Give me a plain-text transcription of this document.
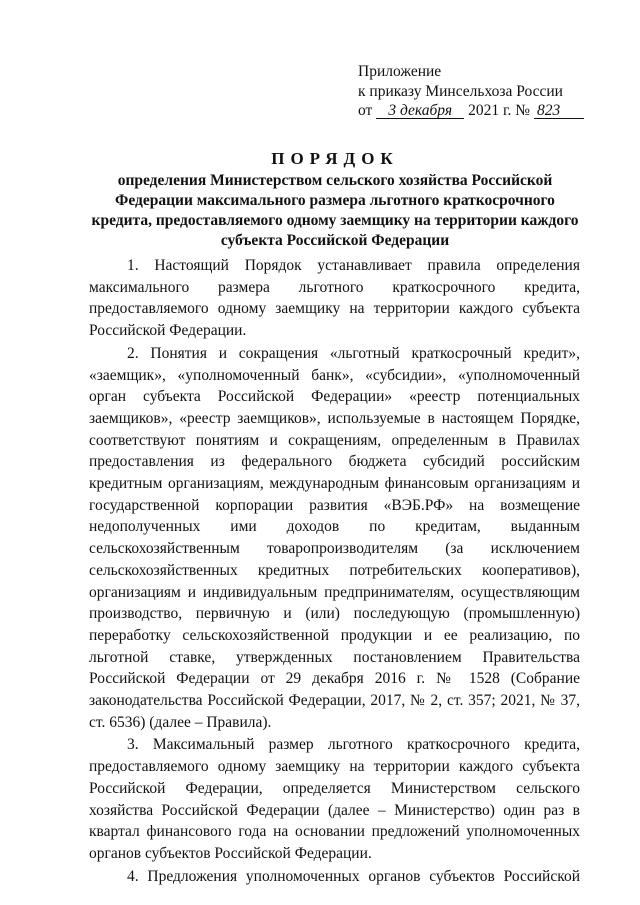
Приложение
к приказу Минсельхоза России
от 3 декабря 2021 г. № 823
ПОРЯДОК
определения Министерством сельского хозяйства Российской Федерации максимального размера льготного краткосрочного кредита, предоставляемого одному заемщику на территории каждого субъекта Российской Федерации

1. Настоящий Порядок устанавливает правила определения максимального размера льготного краткосрочного кредита, предоставляемого одному заемщику на территории каждого субъекта Российской Федерации.

2. Понятия и сокращения «льготный краткосрочный кредит», «заемщик», «уполномоченный банк», «субсидии», «уполномоченный орган субъекта Российской Федерации» «реестр потенциальных заемщиков», «реестр заемщиков», используемые в настоящем Порядке, соответствуют понятиям и сокращениям, определенным в Правилах предоставления из федерального бюджета субсидий российским кредитным организациям, международным финансовым организациям и государственной корпорации развития «ВЭБ.РФ» на возмещение недополученных ими доходов по кредитам, выданным сельскохозяйственным товаропроизводителям (за исключением сельскохозяйственных кредитных потребительских кооперативов), организациям и индивидуальным предпринимателям, осуществляющим производство, первичную и (или) последующую (промышленную) переработку сельскохозяйственной продукции и ее реализацию, по льготной ставке, утвержденных постановлением Правительства Российской Федерации от 29 декабря 2016 г. № 1528 (Собрание законодательства Российской Федерации, 2017, № 2, ст. 357; 2021, № 37, ст. 6536) (далее – Правила).

3. Максимальный размер льготного краткосрочного кредита, предоставляемого одному заемщику на территории каждого субъекта Российской Федерации, определяется Министерством сельского хозяйства Российской Федерации (далее – Министерство) один раз в квартал финансового года на основании предложений уполномоченных органов субъектов Российской Федерации.

4. Предложения уполномоченных органов субъектов Российской
